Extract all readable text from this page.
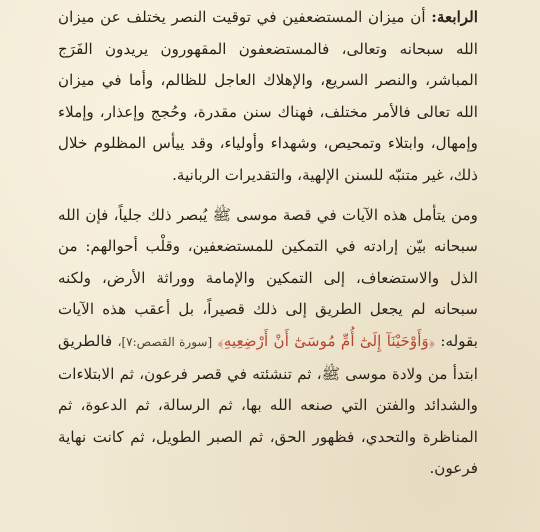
الرابعة: أن ميزان المستضعفين في توقيت النصر يختلف عن ميزان الله سبحانه وتعالى، فالمستضعفون المقهورون يريدون الفَرَج المباشر، والنصر السريع، والإهلاك العاجل للظالم، وأما في ميزان الله تعالى فالأمر مختلف، فهناك سنن مقدرة، وحُجج وإعذار، وإملاء وإمهال، وابتلاء وتمحيص، وشهداء وأولياء، وقد ييأس المظلوم خلال ذلك، غير متنبّه للسنن الإلهية، والتقديرات الربانية.

ومن يتأمل هذه الآيات في قصة موسى ﷺ يُبصر ذلك جلياً، فإن الله سبحانه بيّن إرادته في التمكين للمستضعفين، وقلْب أحوالهم: من الذل والاستضعاف، إلى التمكين والإمامة ووراثة الأرض، ولكنه سبحانه لم يجعل الطريق إلى ذلك قصيراً، بل أعقب هذه الآيات بقوله: ﴿وَأَوْحَيْنَآ إِلَىٰٓ أُمِّ مُوسَىٰٓ أَنْ أَرْضِعِيهِ﴾ [سورة القصص:٧]، فالطريق ابتدأ من ولادة موسى ﷺ، ثم تنشئته في قصر فرعون، ثم الابتلاءات والشدائد والفتن التي صنعه الله بها، ثم الرسالة، ثم الدعوة، ثم المناظرة والتحدي، فظهور الحق، ثم الصبر الطويل، ثم كانت نهاية فرعون.
